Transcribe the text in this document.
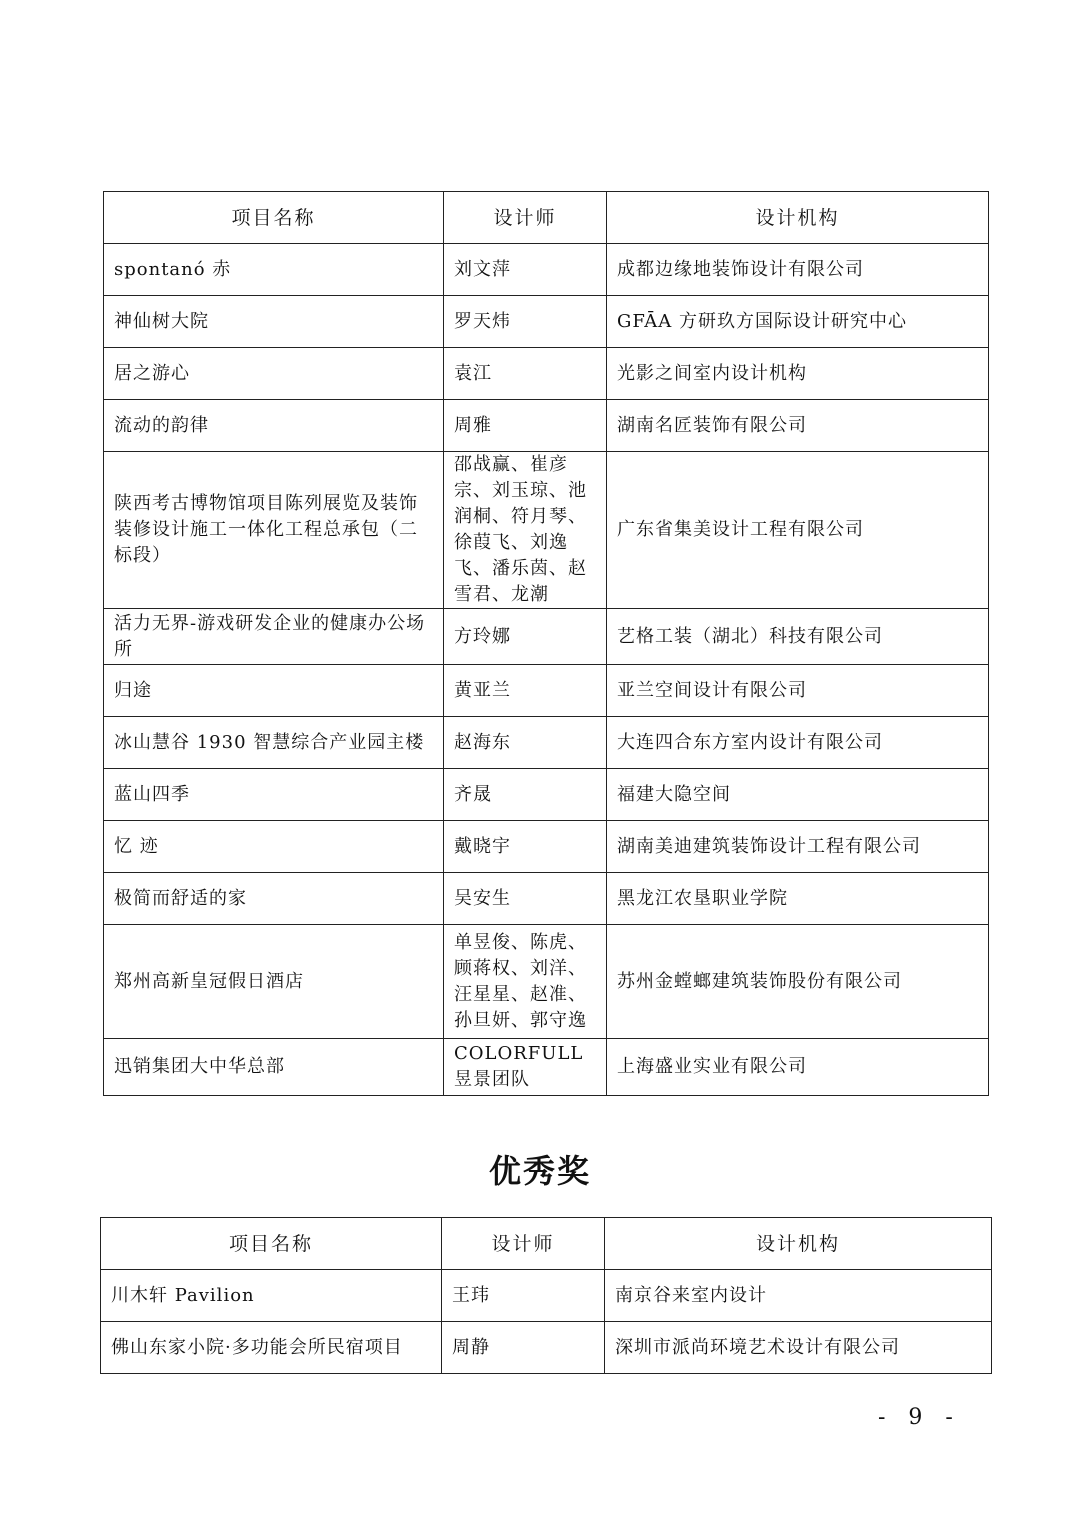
项目名称	设计师	设计机构
spontanó 赤	刘文萍	成都边缘地装饰设计有限公司
神仙树大院	罗天炜	GFĀA 方研玖方国际设计研究中心
居之游心	袁江	光影之间室内设计机构
流动的韵律	周雅	湖南名匠装饰有限公司
陕西考古博物馆项目陈列展览及装饰装修设计施工一体化工程总承包（二标段）	邵战赢、崔彦宗、刘玉琼、池润桐、符月琴、徐葭飞、刘逸飞、潘乐茵、赵雪君、龙潮	广东省集美设计工程有限公司
活力无界-游戏研发企业的健康办公场所	方玲娜	艺格工装（湖北）科技有限公司
归途	黄亚兰	亚兰空间设计有限公司
冰山慧谷 1930 智慧综合产业园主楼	赵海东	大连四合东方室内设计有限公司
蓝山四季	齐晟	福建大隐空间
忆 迹	戴晓宇	湖南美迪建筑装饰设计工程有限公司
极简而舒适的家	吴安生	黑龙江农垦职业学院
郑州高新皇冠假日酒店	单昱俊、陈虎、顾蒋权、刘洋、汪星星、赵准、孙旦妍、郭守逸	苏州金螳螂建筑装饰股份有限公司
迅销集团大中华总部	COLORFULL 昱景团队	上海盛业实业有限公司
优秀奖
项目名称	设计师	设计机构
川木轩 Pavilion	王玮	南京谷来室内设计
佛山东家小院·多功能会所民宿项目	周静	深圳市派尚环境艺术设计有限公司
- 9 -
